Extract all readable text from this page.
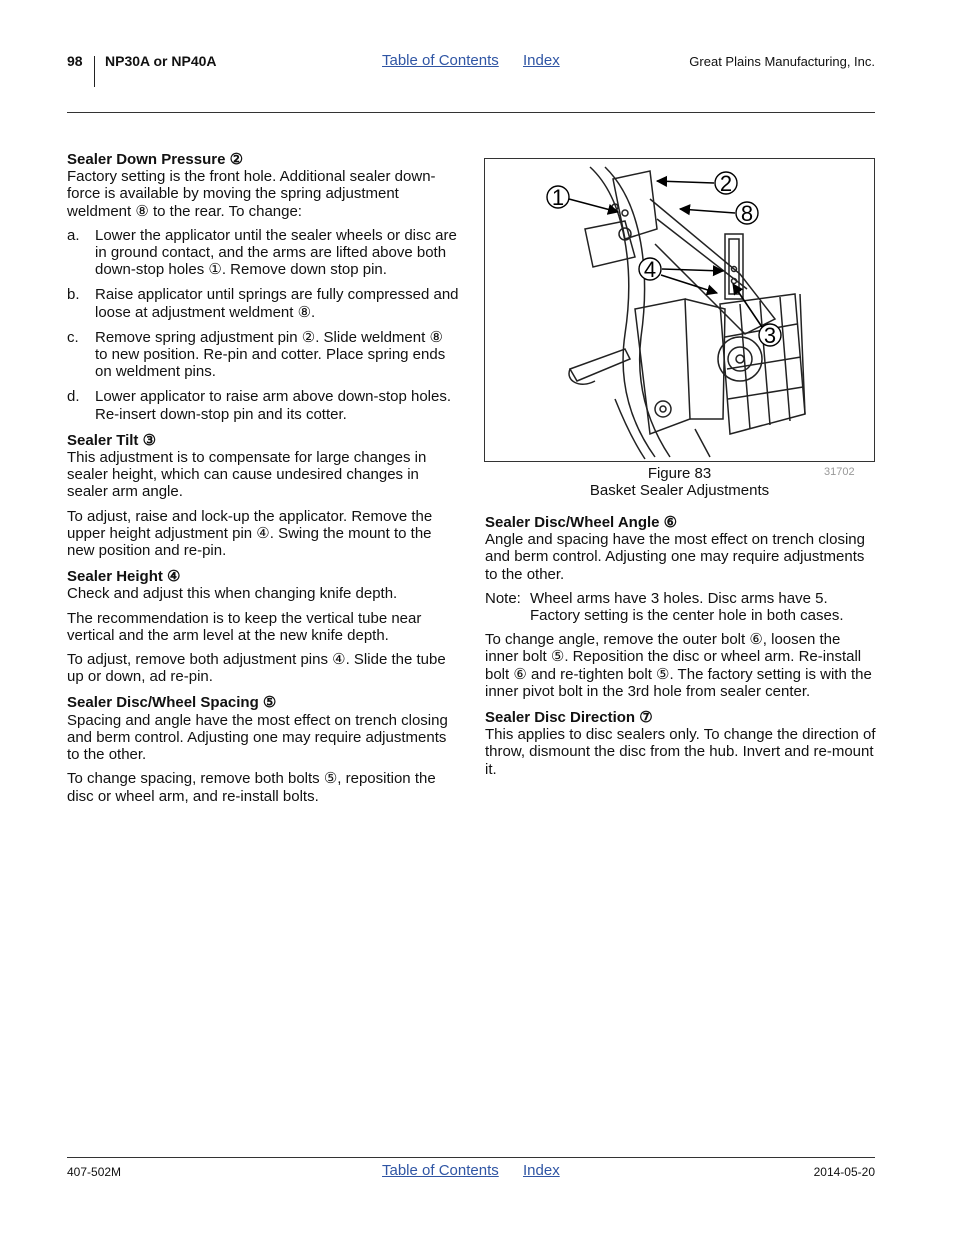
98 NP30A or NP40A	Table of Contents Index	Great Plains Manufacturing, Inc.
Sealer Down Pressure ②

Factory setting is the front hole. Additional sealer down-force is available by moving the spring adjustment weldment ⑧ to the rear. To change:

a. Lower the applicator until the sealer wheels or disc are in ground contact, and the arms are lifted above both down-stop holes ①. Remove down stop pin.
b. Raise applicator until springs are fully compressed and loose at adjustment weldment ⑧.
c. Remove spring adjustment pin ②. Slide weldment ⑧ to new position. Re-pin and cotter. Place spring ends on weldment pins.
d. Lower applicator to raise arm above down-stop holes. Re-insert down-stop pin and its cotter.
Sealer Tilt ③

This adjustment is to compensate for large changes in sealer height, which can cause undesired changes in sealer arm angle.

To adjust, raise and lock-up the applicator. Remove the upper height adjustment pin ④. Swing the mount to the new position and re-pin.

Sealer Height ④

Check and adjust this when changing knife depth.

The recommendation is to keep the vertical tube near vertical and the arm level at the new knife depth.

To adjust, remove both adjustment pins ④. Slide the tube up or down, ad re-pin.

Sealer Disc/Wheel Spacing ⑤

Spacing and angle have the most effect on trench closing and berm control. Adjusting one may require adjustments to the other.

To change spacing, remove both bolts ⑤, reposition the disc or wheel arm, and re-install bolts.

1
2
8
4
3
Figure 83
Basket Sealer Adjustments
31702
Sealer Disc/Wheel Angle ⑥

Angle and spacing have the most effect on trench closing and berm control. Adjusting one may require adjustments to the other.

Note: Wheel arms have 3 holes. Disc arms have 5. Factory setting is the center hole in both cases.

To change angle, remove the outer bolt ⑥, loosen the inner bolt ⑤. Reposition the disc or wheel arm. Re-install bolt ⑥ and re-tighten bolt ⑤. The factory setting is with the inner pivot bolt in the 3rd hole from sealer center.

Sealer Disc Direction ⑦

This applies to disc sealers only. To change the direction of throw, dismount the disc from the hub. Invert and re-mount it.

407-502M	Table of Contents Index	2014-05-20
